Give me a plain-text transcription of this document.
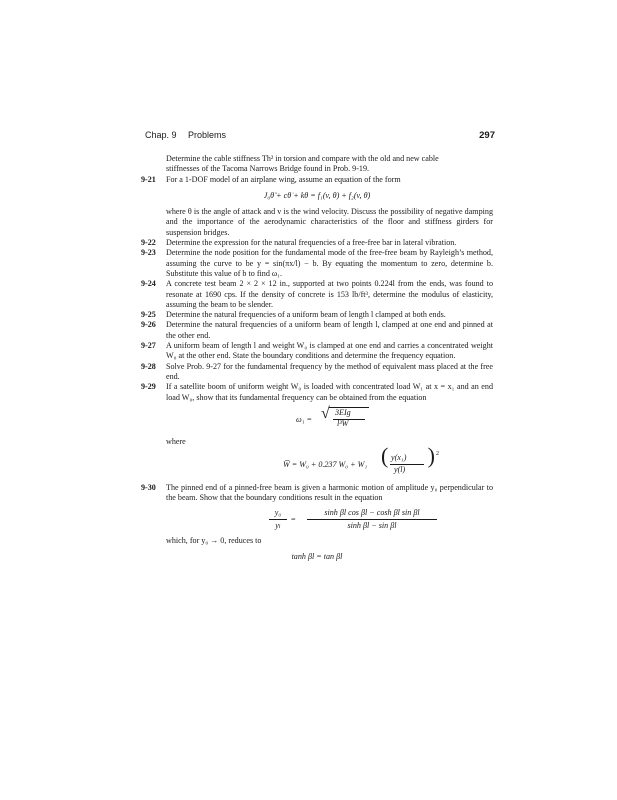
Chap. 9 Problems	297

Determine the cable stiffness Th² in torsion and compare with the old and new cable
stiffnesses of the Tacoma Narrows Bridge found in Prob. 9-19.

9-21 For a 1-DOF model of an airplane wing, assume an equation of the form
J₀θ̈ + cθ̇ + kθ = f₁(v, θ) + f₂(v, θ̇)
where θ is the angle of attack and v is the wind velocity. Discuss the possibility of negative damping and the importance of the aerodynamic characteristics of the floor and stiffness girders for suspension bridges.
9-22 Determine the expression for the natural frequencies of a free-free bar in lateral vibration.
9-23 Determine the node position for the fundamental mode of the free-free beam by Rayleigh’s method, assuming the curve to be y = sin(πx/l) − b. By equating the momentum to zero, determine b. Substitute this value of b to find ω₁.
9-24 A concrete test beam 2 × 2 × 12 in., supported at two points 0.224l from the ends, was found to resonate at 1690 cps. If the density of concrete is 153 lb/ft³, determine the modulus of elasticity, assuming the beam to be slender.
9-25 Determine the natural frequencies of a uniform beam of length l clamped at both ends.
9-26 Determine the natural frequencies of a uniform beam of length l, clamped at one end and pinned at the other end.
9-27 A uniform beam of length l and weight W₀ is clamped at one end and carries a concentrated weight W₀ at the other end. State the boundary conditions and determine the frequency equation.
9-28 Solve Prob. 9-27 for the fundamental frequency by the method of equivalent mass placed at the free end.
9-29 If a satellite boom of uniform weight W₀ is loaded with concentrated load W₁ at x = x₁ and an end load W₀, show that its fundamental frequency can be obtained from the equation
ω₁ = √ 3EIg
l³W̅
where
W̅ = W₀ + 0.237 W₀ + W₁ ( y(x₁)
y(l)
) 2
9-30 The pinned end of a pinned-free beam is given a harmonic motion of amplitude y₀ perpendicular to the beam. Show that the boundary conditions result in the equation
y₀
yₗ
=
sinh βl cos βl − cosh βl sin βl
sinh βl − sin βl
which, for y₀ → 0, reduces to
tanh βl = tan βl
